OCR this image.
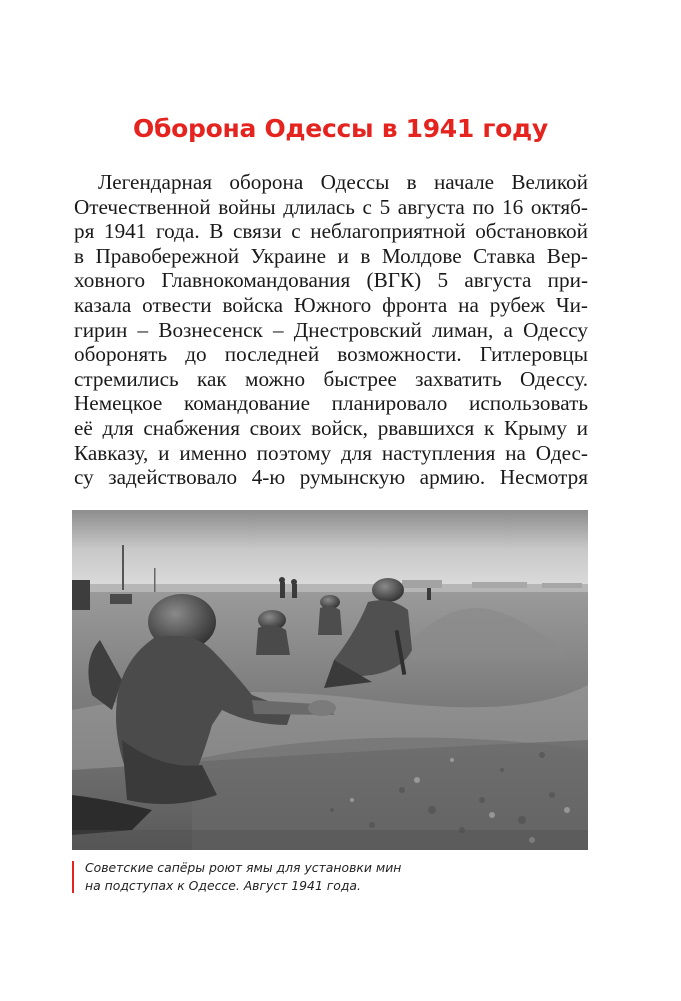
Оборона Одессы в 1941 году
Легендарная оборона Одессы в начале Великой
Отечественной войны длилась с 5 августа по 16 октяб-
ря 1941 года. В связи с неблагоприятной обстановкой
в Правобережной Украине и в Молдове Ставка Вер-
ховного Главнокомандования (ВГК) 5 августа при-
казала отвести войска Южного фронта на рубеж Чи-
гирин – Вознесенск – Днестровский лиман, а Одессу
оборонять до последней возможности. Гитлеровцы
стремились как можно быстрее захватить Одессу.
Немецкое командование планировало использовать
её для снабжения своих войск, рвавшихся к Крыму и
Кавказу, и именно поэтому для наступления на Одес-
су задействовало 4-ю румынскую армию. Несмотря
Советские сапёры роют ямы для установки мин
на подступах к Одессе. Август 1941 года.
